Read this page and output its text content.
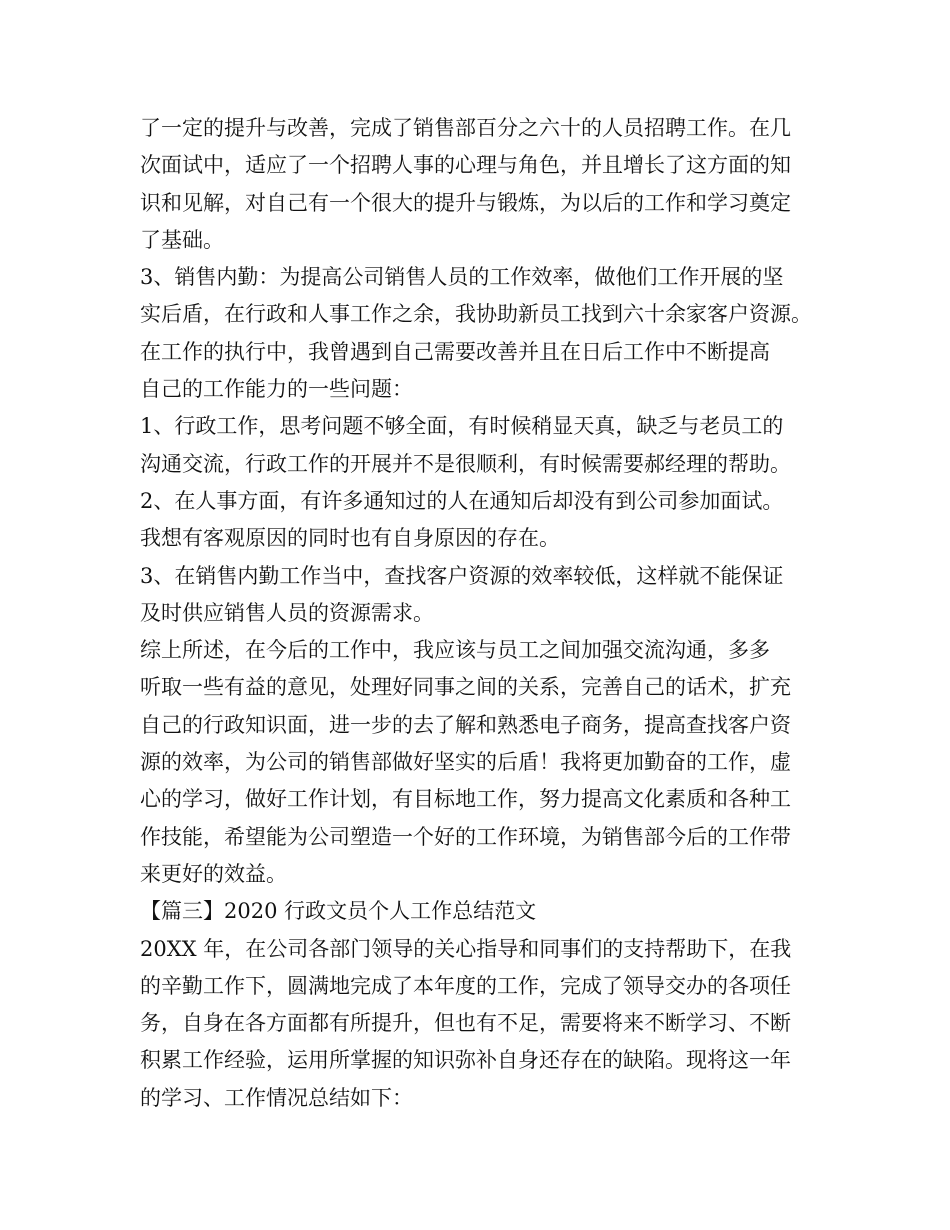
了一定的提升与改善，完成了销售部百分之六十的人员招聘工作。在几
次面试中，适应了一个招聘人事的心理与角色，并且增长了这方面的知
识和见解，对自己有一个很大的提升与锻炼，为以后的工作和学习奠定
了基础。
3、销售内勤：为提高公司销售人员的工作效率，做他们工作开展的坚
实后盾，在行政和人事工作之余，我协助新员工找到六十余家客户资源。
在工作的执行中，我曾遇到自己需要改善并且在日后工作中不断提高
自己的工作能力的一些问题：
1、行政工作，思考问题不够全面，有时候稍显天真，缺乏与老员工的
沟通交流，行政工作的开展并不是很顺利，有时候需要郝经理的帮助。
2、在人事方面，有许多通知过的人在通知后却没有到公司参加面试。
我想有客观原因的同时也有自身原因的存在。
3、在销售内勤工作当中，查找客户资源的效率较低，这样就不能保证
及时供应销售人员的资源需求。
综上所述，在今后的工作中，我应该与员工之间加强交流沟通，多多
听取一些有益的意见，处理好同事之间的关系，完善自己的话术，扩充
自己的行政知识面，进一步的去了解和熟悉电子商务，提高查找客户资
源的效率，为公司的销售部做好坚实的后盾！我将更加勤奋的工作，虚
心的学习，做好工作计划，有目标地工作，努力提高文化素质和各种工
作技能，希望能为公司塑造一个好的工作环境，为销售部今后的工作带
来更好的效益。
【篇三】2020 行政文员个人工作总结范文
20XX 年，在公司各部门领导的关心指导和同事们的支持帮助下，在我
的辛勤工作下，圆满地完成了本年度的工作，完成了领导交办的各项任
务，自身在各方面都有所提升，但也有不足，需要将来不断学习、不断
积累工作经验，运用所掌握的知识弥补自身还存在的缺陷。现将这一年
的学习、工作情况总结如下：
